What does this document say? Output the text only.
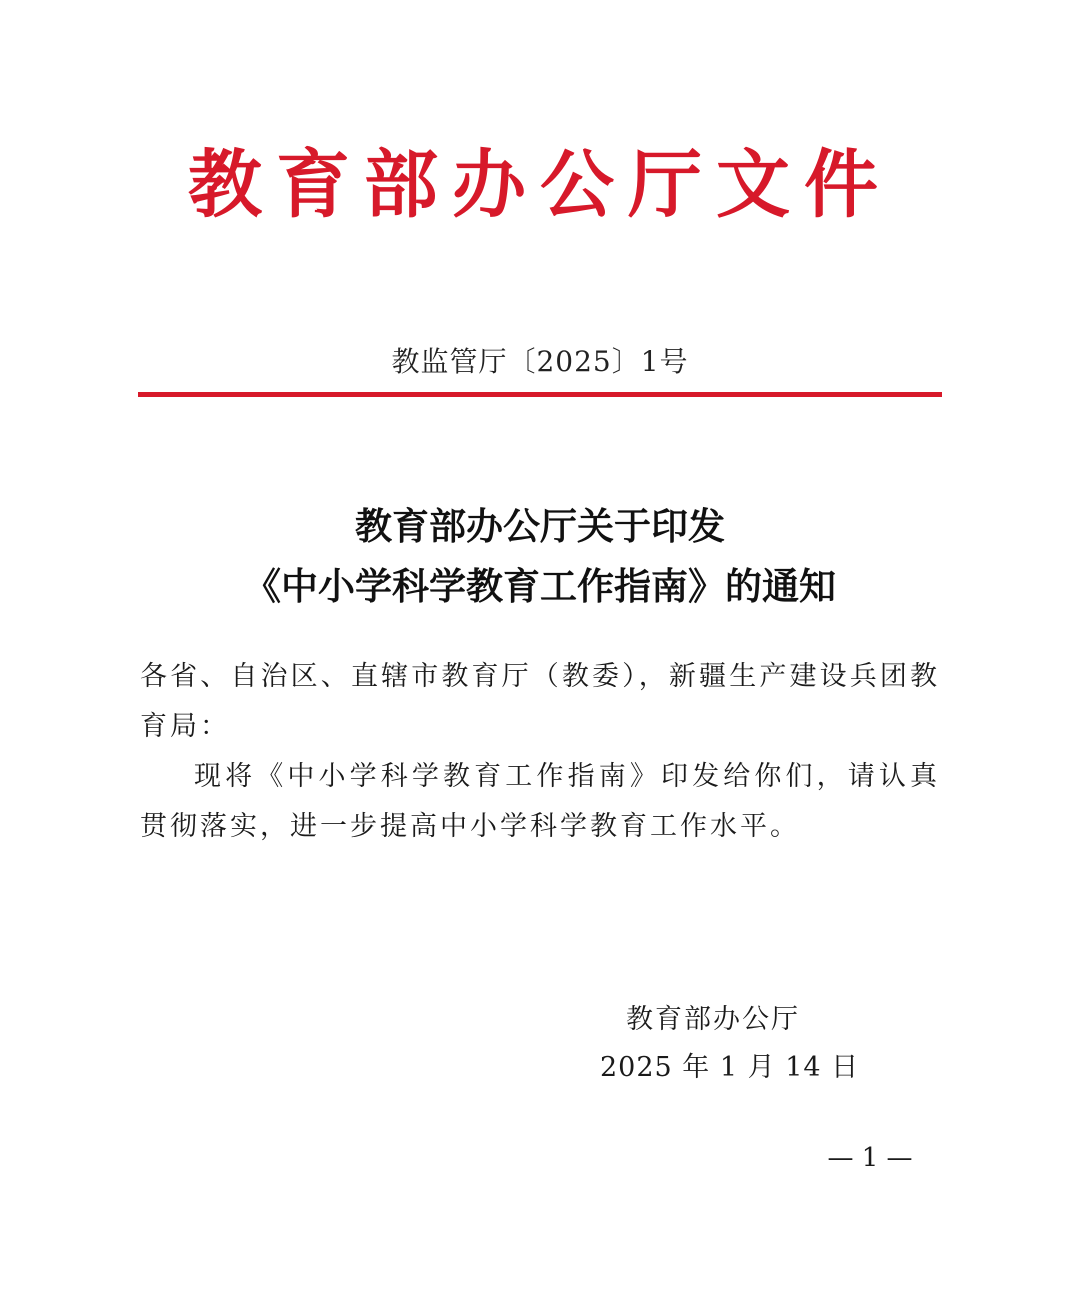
教育部办公厅文件
教监管厅〔2025〕1号
教育部办公厅关于印发
《中小学科学教育工作指南》的通知

各省、自治区、直辖市教育厅（教委），新疆生产建设兵团教育局：

现将《中小学科学教育工作指南》印发给你们，请认真贯彻落实，进一步提高中小学科学教育工作水平。

教育部办公厅
2025 年 1 月 14 日
— 1 —
